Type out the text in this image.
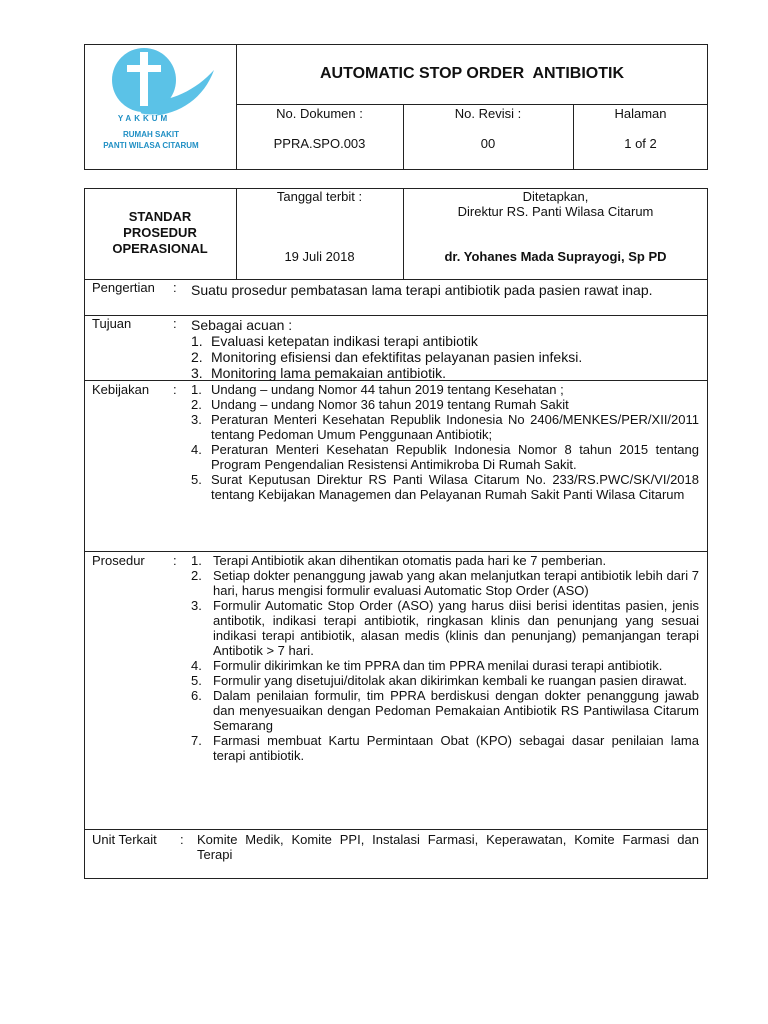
YAKKUM
RUMAH SAKIT
PANTI WILASA CITARUM
AUTOMATIC STOP ORDER  ANTIBIOTIK
No. Dokumen :
PPRA.SPO.003
No. Revisi :
00
Halaman
1 of 2
STANDAR
PROSEDUR
OPERASIONAL
Tanggal terbit :
19 Juli 2018
Ditetapkan,
Direktur RS. Panti Wilasa Citarum
dr. Yohanes Mada Suprayogi, Sp PD
Pengertian : Suatu prosedur pembatasan lama terapi antibiotik pada pasien rawat inap.
Tujuan	: Sebagai acuan :
1. Evaluasi ketepatan indikasi terapi antibiotik
2. Monitoring efisiensi dan efektifitas pelayanan pasien infeksi.
3. Monitoring lama pemakaian antibiotik.
Kebijakan : 1. Undang – undang Nomor 44 tahun 2019 tentang Kesehatan ;
2. Undang – undang Nomor 36 tahun 2019 tentang Rumah Sakit
3. Peraturan Menteri Kesehatan Republik Indonesia No 2406/MENKES/PER/XII/2011 tentang Pedoman Umum Penggunaan Antibiotik;
4. Peraturan Menteri Kesehatan Republik Indonesia Nomor 8 tahun 2015 tentang Program Pengendalian Resistensi Antimikroba Di Rumah Sakit.
5. Surat Keputusan Direktur RS Panti Wilasa Citarum No. 233/RS.PWC/SK/VI/2018 tentang Kebijakan Managemen dan Pelayanan Rumah Sakit Panti Wilasa Citarum
Prosedur : 1. Terapi Antibiotik akan dihentikan otomatis pada hari ke 7 pemberian.
2. Setiap dokter penanggung jawab yang akan melanjutkan terapi antibiotik lebih dari 7 hari, harus mengisi formulir evaluasi Automatic Stop Order (ASO)
3. Formulir Automatic Stop Order (ASO) yang harus diisi berisi identitas pasien, jenis antibotik, indikasi terapi antibiotik, ringkasan klinis dan penunjang yang sesuai indikasi terapi antibiotik, alasan medis (klinis dan penunjang) pemanjangan terapi Antibotik > 7 hari.
4. Formulir dikirimkan ke tim PPRA dan tim PPRA menilai durasi terapi antibiotik.
5. Formulir yang disetujui/ditolak akan dikirimkan kembali ke ruangan pasien dirawat.
6. Dalam penilaian formulir, tim PPRA berdiskusi dengan dokter penanggung jawab dan menyesuaikan dengan Pedoman Pemakaian Antibiotik RS Pantiwilasa Citarum Semarang
7. Farmasi membuat Kartu Permintaan Obat (KPO) sebagai dasar penilaian lama terapi antibiotik.
Unit Terkait : Komite Medik, Komite PPI, Instalasi Farmasi, Keperawatan, Komite Farmasi dan Terapi
